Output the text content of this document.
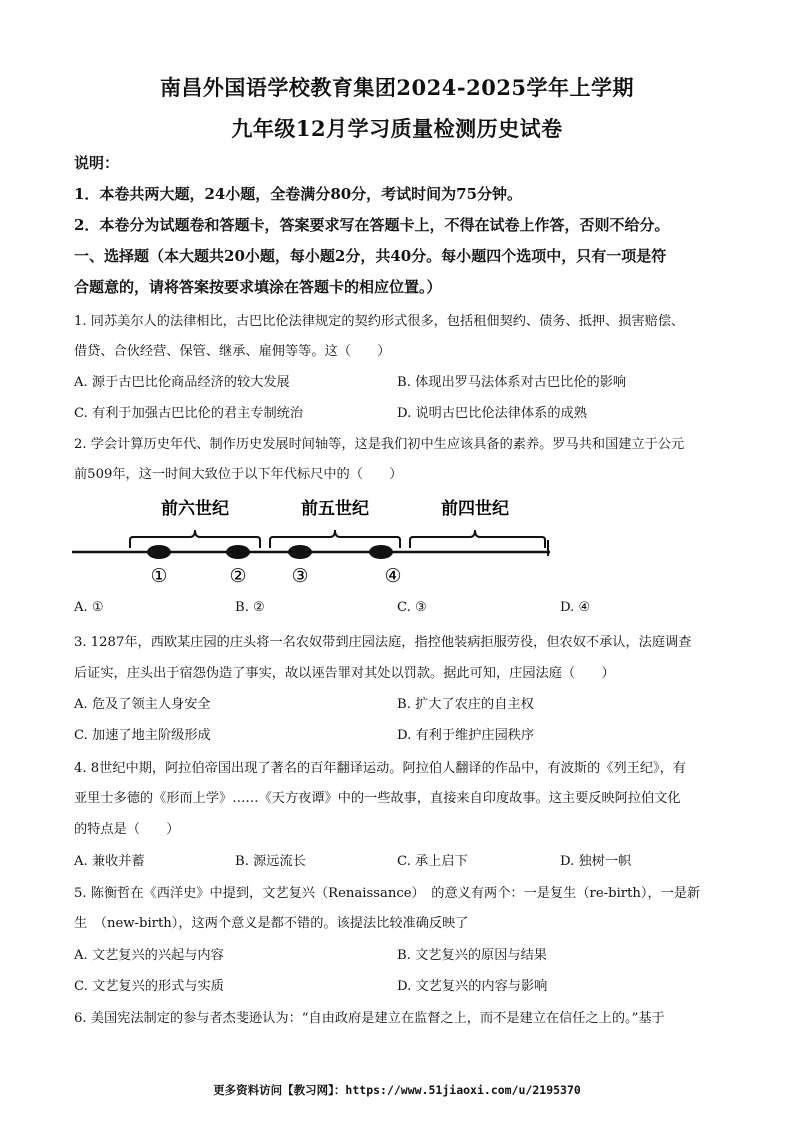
南昌外国语学校教育集团2024-2025学年上学期
九年级12月学习质量检测历史试卷
说明：
1．本卷共两大题，24小题，全卷满分80分，考试时间为75分钟。
2．本卷分为试题卷和答题卡，答案要求写在答题卡上，不得在试卷上作答，否则不给分。
一、选择题（本大题共20小题，每小题2分，共40分。每小题四个选项中，只有一项是符
合题意的，请将答案按要求填涂在答题卡的相应位置。）
1. 同苏美尔人的法律相比，古巴比伦法律规定的契约形式很多，包括租佃契约、债务、抵押、损害赔偿、
借贷、合伙经营、保管、继承、雇佣等等。这（　　）
A. 源于古巴比伦商品经济的较大发展	B. 体现出罗马法体系对古巴比伦的影响
C. 有利于加强古巴比伦的君主专制统治	D. 说明古巴比伦法律体系的成熟
2. 学会计算历史年代、制作历史发展时间轴等，这是我们初中生应该具备的素养。罗马共和国建立于公元
前509年，这一时间大致位于以下年代标尺中的（　　）
前六世纪	前五世纪	前四世纪
①	② ③	④
A. ①	B. ②	C. ③	D. ④
3. 1287年，西欧某庄园的庄头将一名农奴带到庄园法庭，指控他装病拒服劳役，但农奴不承认，法庭调查
后证实，庄头出于宿怨伪造了事实，故以诬告罪对其处以罚款。据此可知，庄园法庭（　　）
A. 危及了领主人身安全	B. 扩大了农庄的自主权
C. 加速了地主阶级形成	D. 有利于维护庄园秩序
4. 8世纪中期，阿拉伯帝国出现了著名的百年翻译运动。阿拉伯人翻译的作品中，有波斯的《列王纪》，有
亚里士多德的《形而上学》……《天方夜谭》中的一些故事，直接来自印度故事。这主要反映阿拉伯文化
的特点是（　　）
A. 兼收并蓄	B. 源远流长	C. 承上启下	D. 独树一帜
5. 陈衡哲在《西洋史》中提到，文艺复兴（Renaissance）　的意义有两个：一是复生（re-birth），一是新
生　（new-birth），这两个意义是都不错的。该提法比较准确反映了
A. 文艺复兴的兴起与内容	B. 文艺复兴的原因与结果
C. 文艺复兴的形式与实质	D. 文艺复兴的内容与影响
6. 美国宪法制定的参与者杰斐逊认为：“自由政府是建立在监督之上，而不是建立在信任之上的。”基于
更多资料访问【教习网】：https://www.51jiaoxi.com/u/2195370
